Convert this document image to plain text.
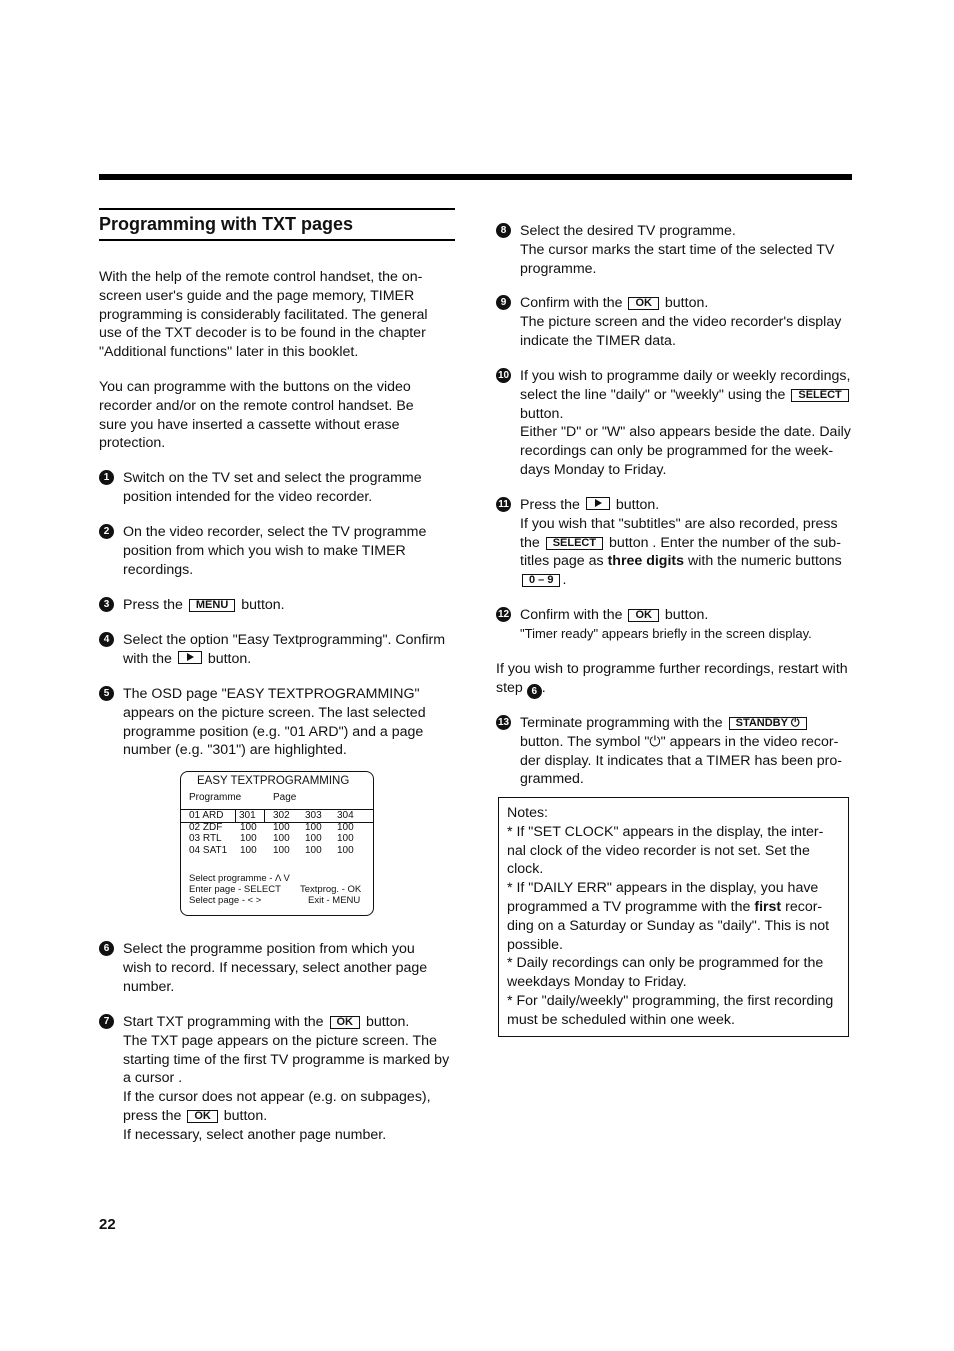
Programming with TXT pages
With the help of the remote control handset, the on-screen user's guide and the page memory, TIMER programming is considerably facilitated. The general use of the TXT decoder is to be found in the chapter "Additional functions" later in this booklet.
You can programme with the buttons on the video recorder and/or on the remote control handset. Be sure you have inserted a cassette without erase protection.
1 Switch on the TV set and select the programme position intended for the video recorder.
2 On the video recorder, select the TV programme position from which you wish to make TIMER recordings.
3 Press the MENU button.
4 Select the option "Easy Textprogramming". Confirm with the	button.
5 The OSD page "EASY TEXTPROGRAMMING" appears on the picture screen. The last selected programme position (e.g. "01 ARD") and a page number (e.g. "301") are highlighted.
EASY TEXTPROGRAMMING
Programme	Page
01 ARD 301 302 303 304
02 ZDF 100 100 100 100
03 RTL 100 100 100 100
04 SAT1 100 100 100 100
Select programme - Λ V
Enter page - SELECT Textprog. - OK
Select page - < >	Exit - MENU
6 Select the programme position from which you wish to record. If necessary, select another page number.
7 Start TXT programming with the OK button.
The TXT page appears on the picture screen. The starting time of the first TV programme is marked by a cursor .
If the cursor does not appear (e.g. on subpages), press the OK button.
If necessary, select another page number.
8 Select the desired TV programme.
The cursor marks the start time of the selected TV programme.
9 Confirm with the OK button.
The picture screen and the video recorder's display indicate the TIMER data.
10 If you wish to programme daily or weekly recordings, select the line "daily" or "weekly" using the SELECT button.
Either "D" or "W" also appears beside the date. Daily recordings can only be programmed for the week-days Monday to Friday.
11 Press the	button.
If you wish that "subtitles" are also recorded, press the SELECT button . Enter the number of the sub-titles page as three digits with the numeric buttons 0 – 9 .
12 Confirm with the OK button.
"Timer ready" appears briefly in the screen display.
If you wish to programme further recordings, restart with step 6 .
13 Terminate programming with the STANDBY ⏻
button. The symbol "⏻" appears in the video recor-der display. It indicates that a TIMER has been pro-grammed.
Notes:
* If "SET CLOCK" appears in the display, the inter-nal clock of the video recorder is not set. Set the clock.
* If "DAILY ERR" appears in the display, you have programmed a TV programme with the first recor-ding on a Saturday or Sunday as "daily". This is not possible.
* Daily recordings can only be programmed for the weekdays Monday to Friday.
* For "daily/weekly" programming, the first recording must be scheduled within one week.
22
